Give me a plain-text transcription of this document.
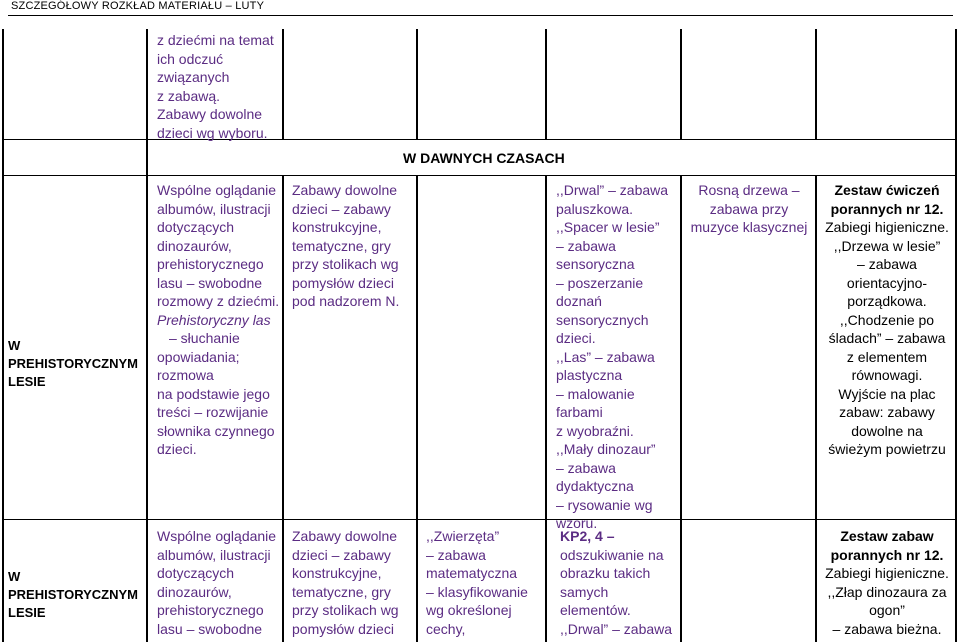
SZCZEGÓŁOWY ROZKŁAD MATERIAŁU – LUTY
z dziećmi na temat
ich odczuć
związanych
z zabawą.
Zabawy dowolne
dzieci wg wyboru.
W DAWNYCH CZASACH
W PREHISTORYCZNYM LESIE
Wspólne oglądanie
albumów, ilustracji
dotyczących
dinozaurów,
prehistorycznego
lasu – swobodne
rozmowy z dziećmi.
Prehistoryczny las
– słuchanie
opowiadania;
rozmowa
na podstawie jego
treści – rozwijanie
słownika czynnego
dzieci.
Zabawy dowolne
dzieci – zabawy
konstrukcyjne,
tematyczne, gry
przy stolikach wg
pomysłów dzieci
pod nadzorem N.
,,Drwal” – zabawa
paluszkowa.
,,Spacer w lesie”
– zabawa
sensoryczna
– poszerzanie
doznań
sensorycznych
dzieci.
,,Las” – zabawa
plastyczna
– malowanie
farbami
z wyobraźni.
,,Mały dinozaur”
– zabawa
dydaktyczna
– rysowanie wg
wzoru.
Rosną drzewa –
zabawa przy
muzyce klasycznej
Zestaw ćwiczeń
porannych nr 12.
Zabiegi higieniczne.
,,Drzewa w lesie”
– zabawa
orientacyjno-
porządkowa.
,,Chodzenie po
śladach” – zabawa
z elementem
równowagi.
Wyjście na plac
zabaw: zabawy
dowolne na
świeżym powietrzu
W PREHISTORYCZNYM LESIE
Wspólne oglądanie
albumów, ilustracji
dotyczących
dinozaurów,
prehistorycznego
lasu – swobodne
Zabawy dowolne
dzieci – zabawy
konstrukcyjne,
tematyczne, gry
przy stolikach wg
pomysłów dzieci
,,Zwierzęta”
– zabawa
matematyczna
– klasyfikowanie
wg określonej
cechy,
KP2, 4 –
odszukiwanie na
obrazku takich
samych
elementów.
,,Drwal” – zabawa
Zestaw zabaw
porannych nr 12.
Zabiegi higieniczne.
,,Złap dinozaura za
ogon”
– zabawa bieżna.
